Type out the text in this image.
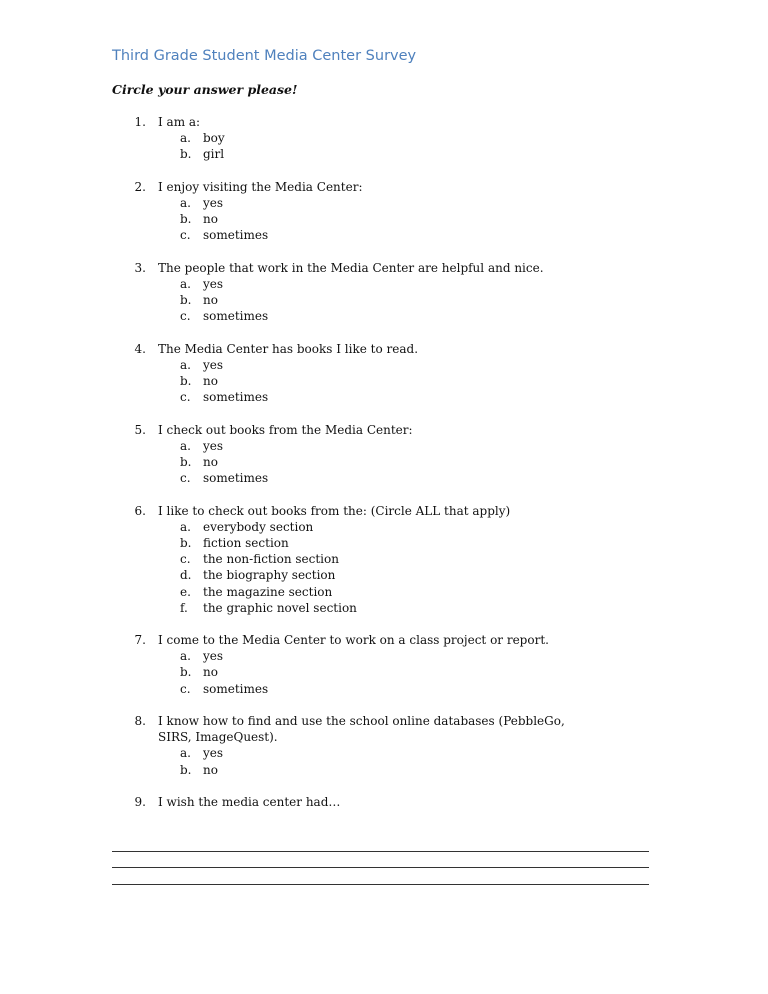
Third Grade Student Media Center Survey
Circle your answer please!
1. I am a:
a. boy
b. girl
2. I enjoy visiting the Media Center:
a. yes
b. no
c. sometimes
3. The people that work in the Media Center are helpful and nice.
a. yes
b. no
c. sometimes
4. The Media Center has books I like to read.
a. yes
b. no
c. sometimes
5. I check out books from the Media Center:
a. yes
b. no
c. sometimes
6. I like to check out books from the: (Circle ALL that apply)
a. everybody section
b. fiction section
c. the non-fiction section
d. the biography section
e. the magazine section
f. the graphic novel section
7. I come to the Media Center to work on a class project or report.
a. yes
b. no
c. sometimes
8. I know how to find and use the school online databases (PebbleGo, SIRS, ImageQuest).
a. yes
b. no
9. I wish the media center had…
